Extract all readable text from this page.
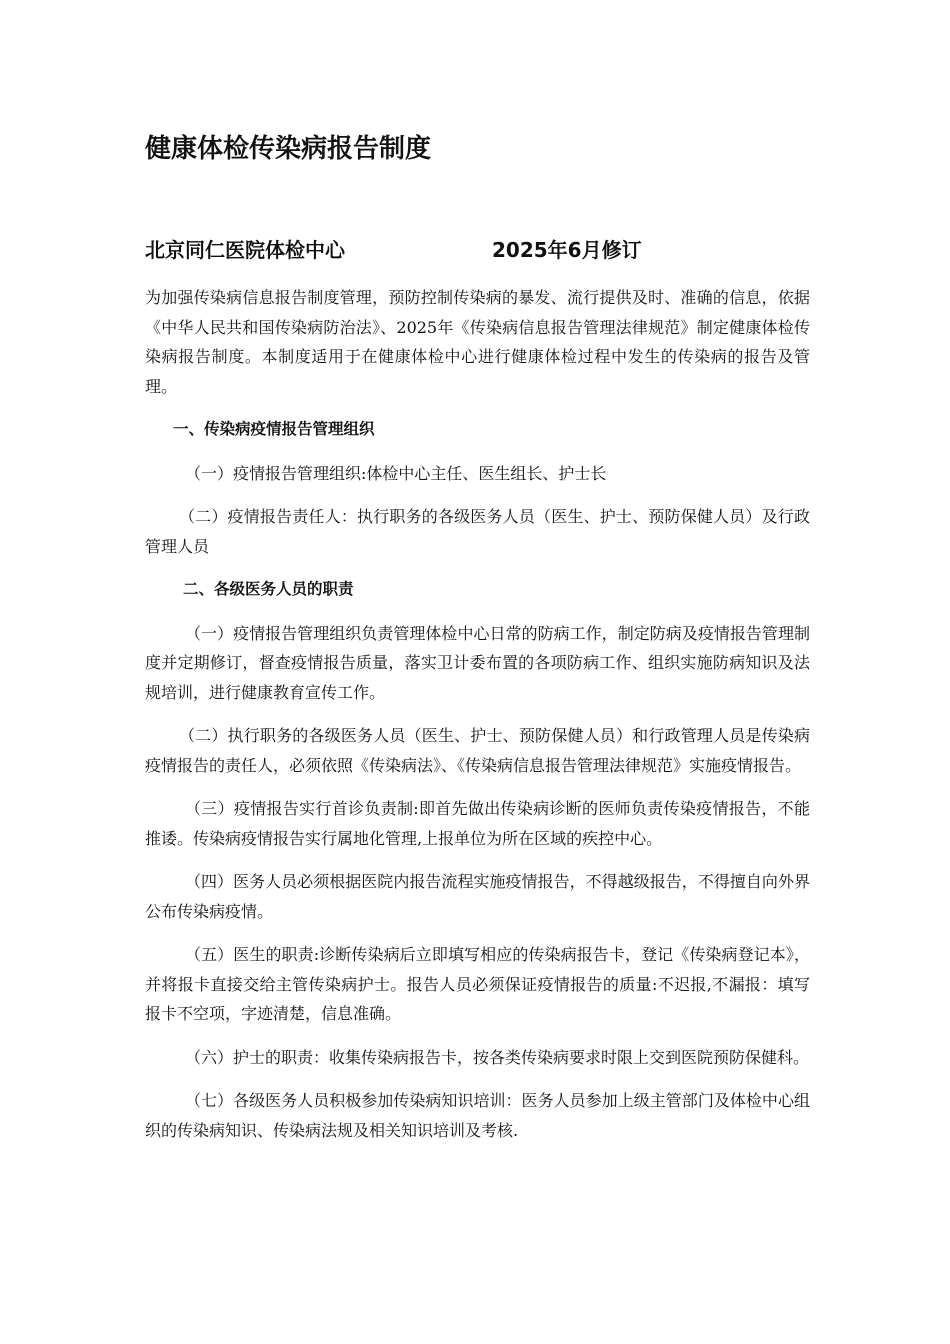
健康体检传染病报告制度
北京同仁医院体检中心	2025年6月修订

为加强传染病信息报告制度管理，预防控制传染病的暴发、流行提供及时、准确的信息，依据《中华人民共和国传染病防治法》、2025年《传染病信息报告管理法律规范》制定健康体检传染病报告制度。本制度适用于在健康体检中心进行健康体检过程中发生的传染病的报告及管理。

一、传染病疫情报告管理组织

（一）疫情报告管理组织:体检中心主任、医生组长、护士长

（二）疫情报告责任人：执行职务的各级医务人员（医生、护士、预防保健人员）及行政管理人员

二、各级医务人员的职责

（一）疫情报告管理组织负责管理体检中心日常的防病工作，制定防病及疫情报告管理制度并定期修订，督查疫情报告质量，落实卫计委布置的各项防病工作、组织实施防病知识及法规培训，进行健康教育宣传工作。

（二）执行职务的各级医务人员（医生、护士、预防保健人员）和行政管理人员是传染病疫情报告的责任人，必须依照《传染病法》、《传染病信息报告管理法律规范》实施疫情报告。

（三）疫情报告实行首诊负责制:即首先做出传染病诊断的医师负责传染疫情报告，不能推诿。传染病疫情报告实行属地化管理,上报单位为所在区域的疾控中心。

（四）医务人员必须根据医院内报告流程实施疫情报告，不得越级报告，不得擅自向外界公布传染病疫情。

（五）医生的职责:诊断传染病后立即填写相应的传染病报告卡，登记《传染病登记本》，并将报卡直接交给主管传染病护士。报告人员必须保证疫情报告的质量:不迟报,不漏报：填写报卡不空项，字迹清楚，信息准确。

（六）护士的职责：收集传染病报告卡，按各类传染病要求时限上交到医院预防保健科。

（七）各级医务人员积极参加传染病知识培训：医务人员参加上级主管部门及体检中心组织的传染病知识、传染病法规及相关知识培训及考核.
